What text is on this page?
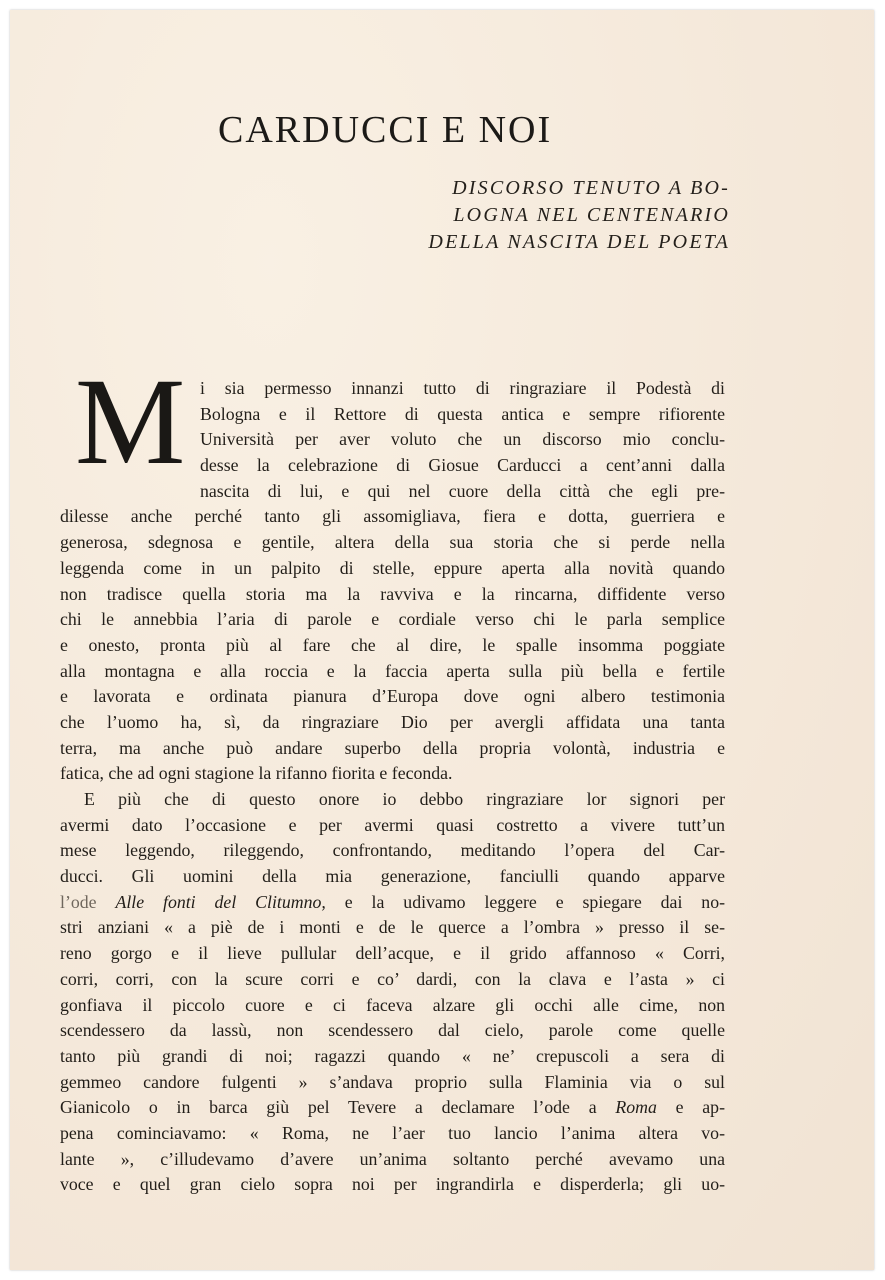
CARDUCCI E NOI
DISCORSO TENUTO A BO-
LOGNA NEL CENTENARIO
DELLA NASCITA DEL POETA
M i sia permesso innanzi tutto di ringraziare il Podestà di
Bologna e il Rettore di questa antica e sempre rifiorente
Università per aver voluto che un discorso mio conclu-
desse la celebrazione di Giosue Carducci a cent’anni dalla
nascita di lui, e qui nel cuore della città che egli pre-
dilesse anche perché tanto gli assomigliava, fiera e dotta, guerriera e
generosa, sdegnosa e gentile, altera della sua storia che si perde nella
leggenda come in un palpito di stelle, eppure aperta alla novità quando
non tradisce quella storia ma la ravviva e la rincarna, diffidente verso
chi le annebbia l’aria di parole e cordiale verso chi le parla semplice
e onesto, pronta più al fare che al dire, le spalle insomma poggiate
alla montagna e alla roccia e la faccia aperta sulla più bella e fertile
e lavorata e ordinata pianura d’Europa dove ogni albero testimonia
che l’uomo ha, sì, da ringraziare Dio per avergli affidata una tanta
terra, ma anche può andare superbo della propria volontà, industria e
fatica, che ad ogni stagione la rifanno fiorita e feconda.
E più che di questo onore io debbo ringraziare lor signori per
avermi dato l’occasione e per avermi quasi costretto a vivere tutt’un
mese leggendo, rileggendo, confrontando, meditando l’opera del Car-
ducci. Gli uomini della mia generazione, fanciulli quando apparve
l’ode Alle fonti del Clitumno, e la udivamo leggere e spiegare dai no-
stri anziani « a piè de i monti e de le querce a l’ombra » presso il se-
reno gorgo e il lieve pullular dell’acque, e il grido affannoso « Corri,
corri, corri, con la scure corri e co’ dardi, con la clava e l’asta » ci
gonfiava il piccolo cuore e ci faceva alzare gli occhi alle cime, non
scendessero da lassù, non scendessero dal cielo, parole come quelle
tanto più grandi di noi; ragazzi quando « ne’ crepuscoli a sera di
gemmeo candore fulgenti » s’andava proprio sulla Flaminia via o sul
Gianicolo o in barca giù pel Tevere a declamare l’ode a Roma e ap-
pena cominciavamo: « Roma, ne l’aer tuo lancio l’anima altera vo-
lante », c’illudevamo d’avere un’anima soltanto perché avevamo una
voce e quel gran cielo sopra noi per ingrandirla e disperderla; gli uo-
